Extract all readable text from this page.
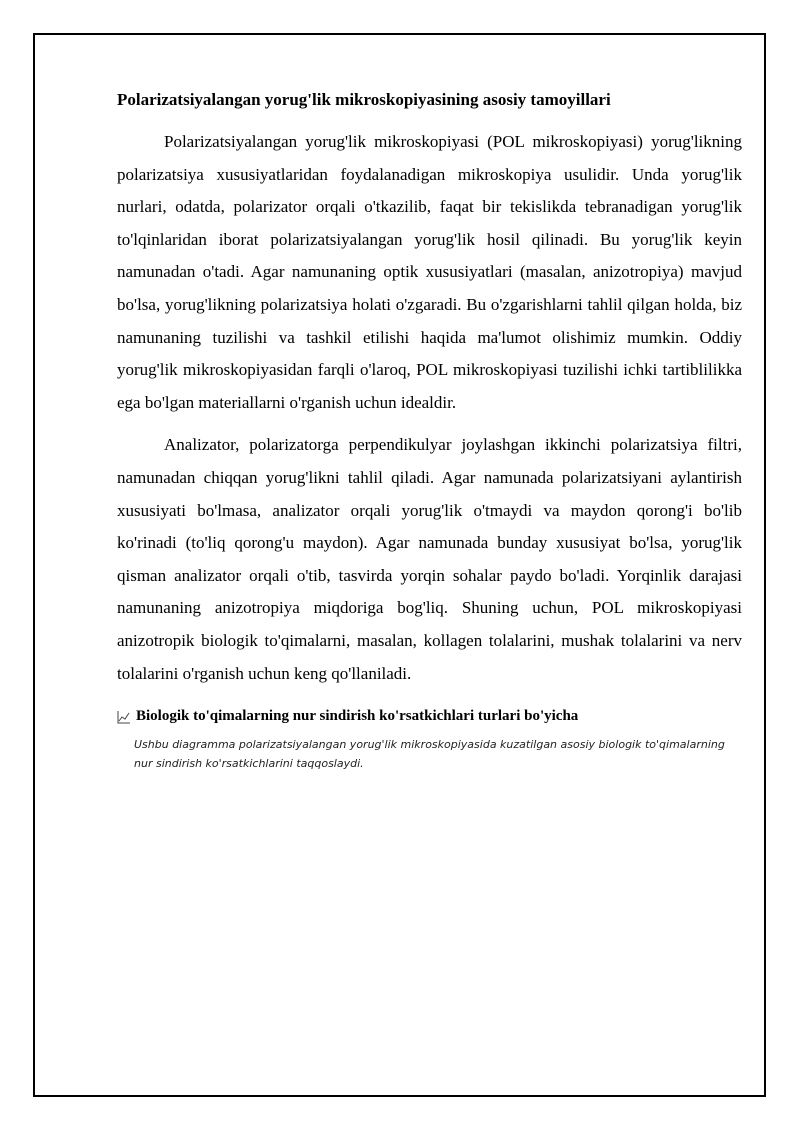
Polarizatsiyalangan yorug'lik mikroskopiyasining asosiy tamoyillari

Polarizatsiyalangan yorug'lik mikroskopiyasi (POL mikroskopiyasi) yorug'likning polarizatsiya xususiyatlaridan foydalanadigan mikroskopiya usulidir. Unda yorug'lik nurlari, odatda, polarizator orqali o'tkazilib, faqat bir tekislikda tebranadigan yorug'lik to'lqinlaridan iborat polarizatsiyalangan yorug'lik hosil qilinadi. Bu yorug'lik keyin namunadan o'tadi. Agar namunaning optik xususiyatlari (masalan, anizotropiya) mavjud bo'lsa, yorug'likning polarizatsiya holati o'zgaradi. Bu o'zgarishlarni tahlil qilgan holda, biz namunaning tuzilishi va tashkil etilishi haqida ma'lumot olishimiz mumkin. Oddiy yorug'lik mikroskopiyasidan farqli o'laroq, POL mikroskopiyasi tuzilishi ichki tartiblilikka ega bo'lgan materiallarni o'rganish uchun idealdir.

Analizator, polarizatorga perpendikulyar joylashgan ikkinchi polarizatsiya filtri, namunadan chiqqan yorug'likni tahlil qiladi. Agar namunada polarizatsiyani aylantirish xususiyati bo'lmasa, analizator orqali yorug'lik o'tmaydi va maydon qorong'i bo'lib ko'rinadi (to'liq qorong'u maydon). Agar namunada bunday xususiyat bo'lsa, yorug'lik qisman analizator orqali o'tib, tasvirda yorqin sohalar paydo bo'ladi. Yorqinlik darajasi namunaning anizotropiya miqdoriga bog'liq. Shuning uchun, POL mikroskopiyasi anizotropik biologik to'qimalarni, masalan, kollagen tolalarini, mushak tolalarini va nerv tolalarini o'rganish uchun keng qo'llaniladi.

Biologik to'qimalarning nur sindirish ko'rsatkichlari turlari bo'yicha
Ushbu diagramma polarizatsiyalangan yorug'lik mikroskopiyasida kuzatilgan asosiy biologik to'qimalarning nur sindirish ko'rsatkichlarini taqqoslaydi.
